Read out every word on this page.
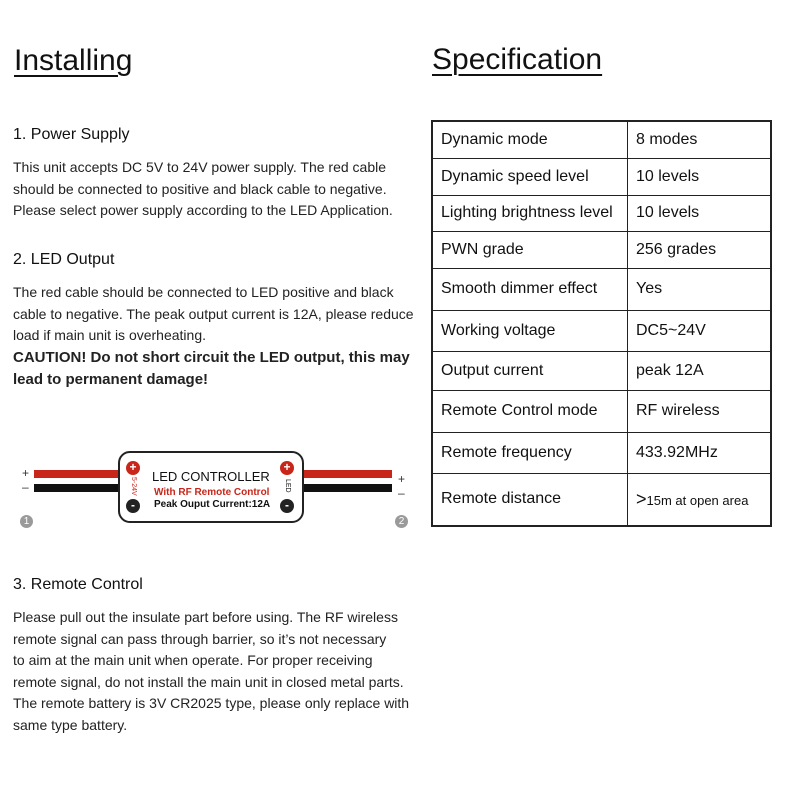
Installing	Specification
1. Power Supply
This unit accepts DC 5V to 24V power supply. The red cable
should be connected to positive and black cable to negative.
Please select power supply according to the LED Application.
2. LED Output
The red cable should be connected to LED positive and black
cable to negative. The peak output current is 12A, please reduce
load if main unit is overheating.
CAUTION! Do not short circuit the LED output, this may
lead to permanent damage!
+
–
+
–
1	2
+
-
+
-
5-24V	LED
LED CONTROLLER
With RF Remote Control
Peak Ouput Current:12A
3. Remote Control
Please pull out the insulate part before using. The RF wireless
remote signal can pass through barrier, so it’s not necessary
to aim at the main unit when operate. For proper receiving
remote signal, do not install the main unit in closed metal parts.
The remote battery is 3V CR2025 type, please only replace with
same type battery.
Dynamic mode	8 modes
Dynamic speed level	10 levels
Lighting brightness level	10 levels
PWN grade	256 grades
Smooth dimmer effect	Yes
Working voltage	DC5~24V
Output current	peak 12A
Remote Control mode	RF wireless
Remote frequency	433.92MHz
Remote distance	>15m at open area
